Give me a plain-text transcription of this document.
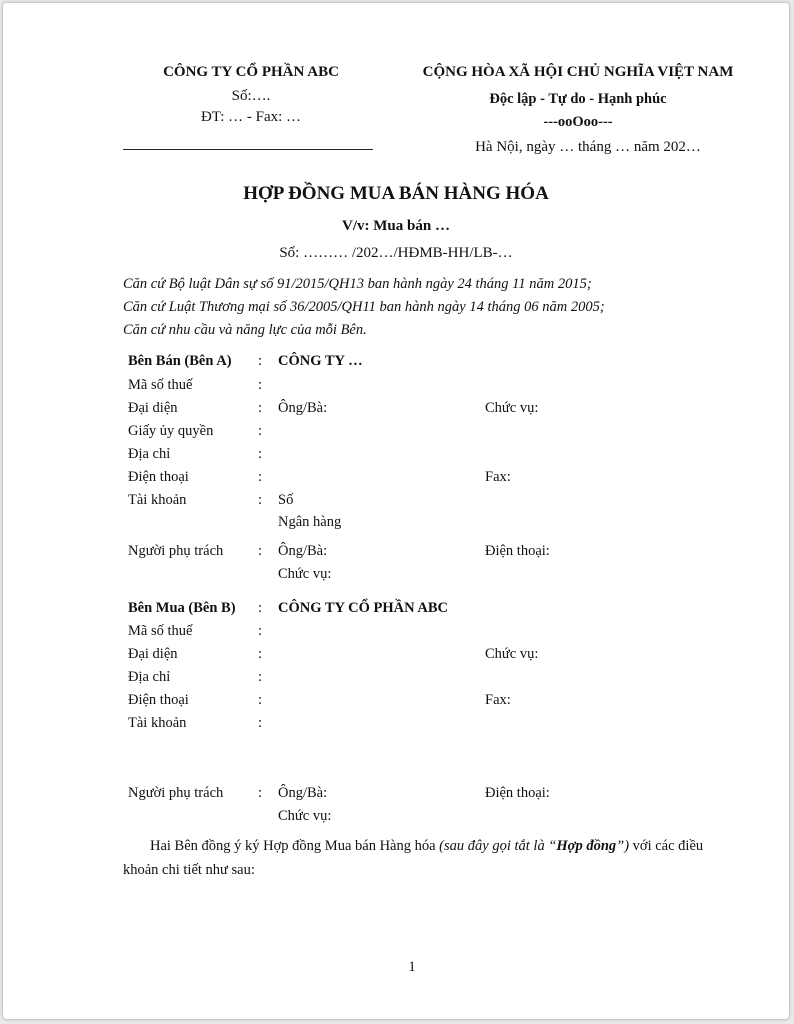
CÔNG TY CỔ PHẦN ABC
Số:….
ĐT: … - Fax: …
CỘNG HÒA XÃ HỘI CHỦ NGHĨA VIỆT NAM
Độc lập - Tự do - Hạnh phúc
---ooOoo---
Hà Nội, ngày … tháng … năm 202…
HỢP ĐỒNG MUA BÁN HÀNG HÓA
V/v: Mua bán …
Số: ……… /202…/HĐMB-HH/LB-…
Căn cứ Bộ luật Dân sự số 91/2015/QH13 ban hành ngày 24 tháng 11 năm 2015;
Căn cứ Luật Thương mại số 36/2005/QH11 ban hành ngày 14 tháng 06 năm 2005;
Căn cứ nhu cầu và năng lực của mỗi Bên.
Bên Bán (Bên A) : CÔNG TY …
Mã số thuế	:
Đại diện	: Ông/Bà:	Chức vụ:
Giấy ủy quyền	:
Địa chỉ	:
Điện thoại	:	Fax:
Tài khoản	: Số
Ngân hàng
Người phụ trách : Ông/Bà:	Điện thoại:
Chức vụ:
Bên Mua (Bên B) : CÔNG TY CỔ PHẦN ABC
Mã số thuế	:
Đại diện	:	Chức vụ:
Địa chỉ	:
Điện thoại	:	Fax:
Tài khoản	:
Người phụ trách : Ông/Bà:	Điện thoại:
Chức vụ:
Hai Bên đồng ý ký Hợp đồng Mua bán Hàng hóa (sau đây gọi tắt là “Hợp đồng”) với các điều
khoản chi tiết như sau:
1
